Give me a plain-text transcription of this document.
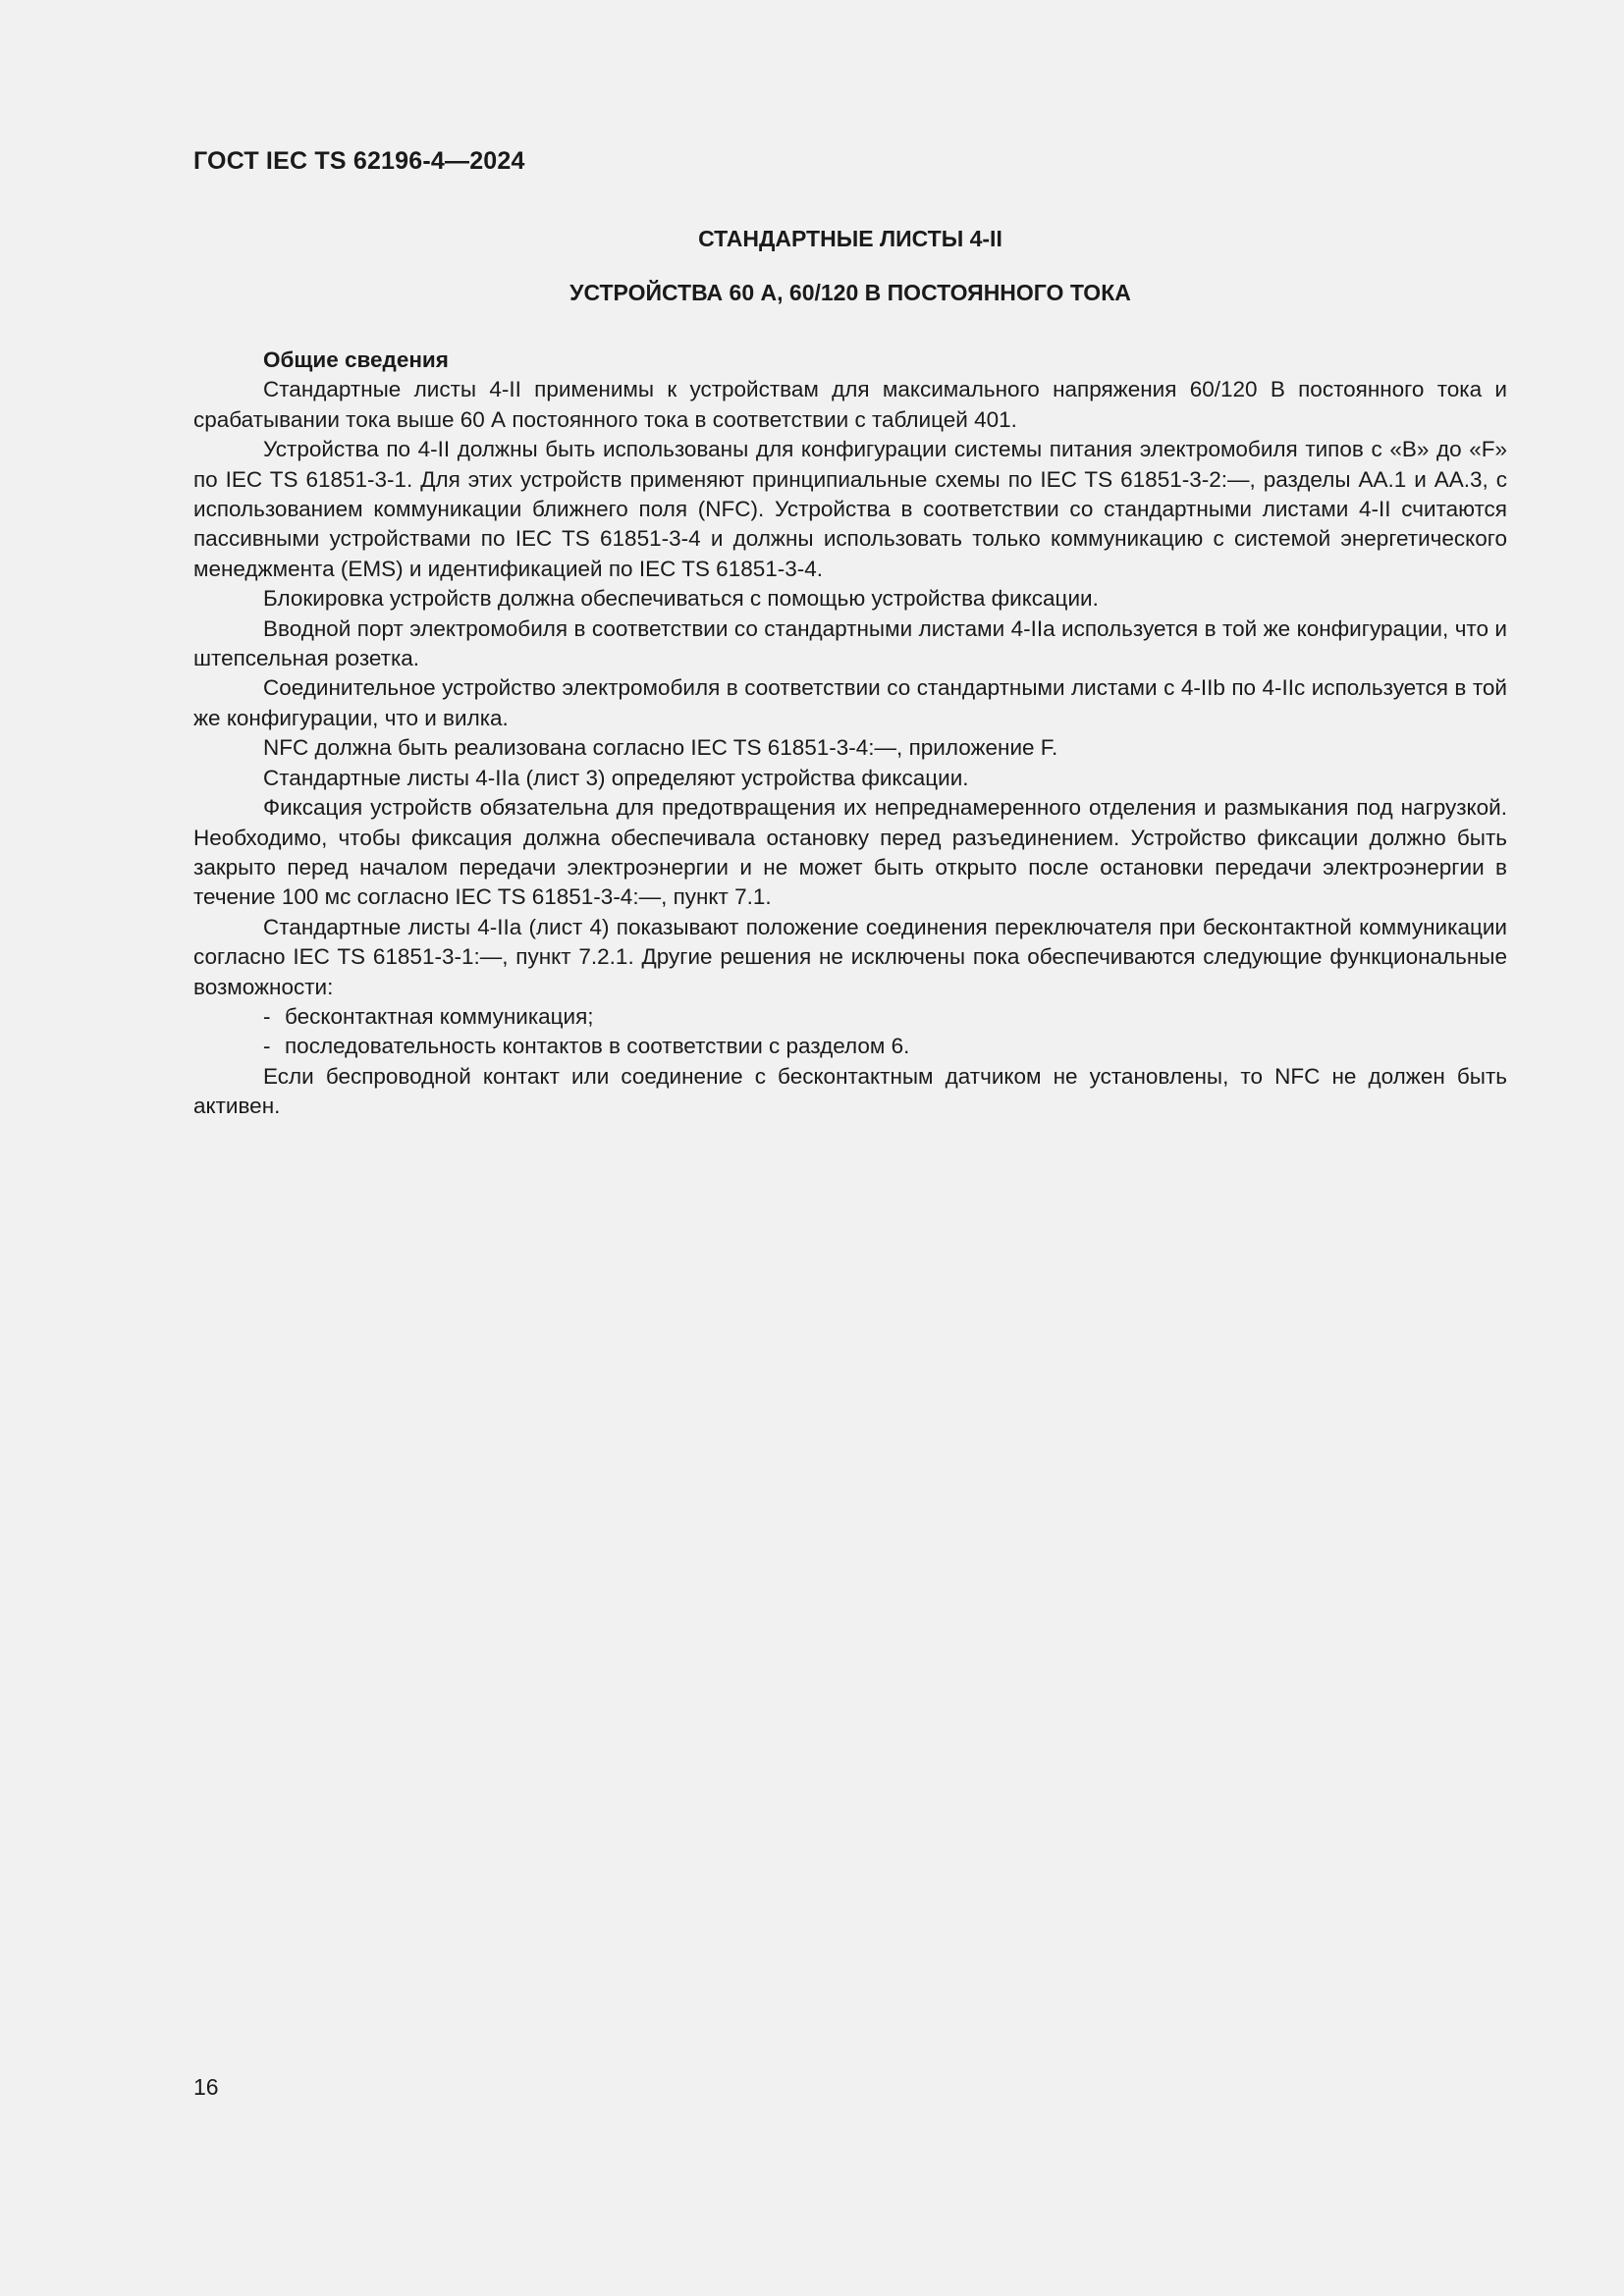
ГОСТ IEC TS 62196-4—2024
СТАНДАРТНЫЕ ЛИСТЫ 4-II
УСТРОЙСТВА 60 А, 60/120 В ПОСТОЯННОГО ТОКА

Общие сведения

Стандартные листы 4-II применимы к устройствам для максимального напряжения 60/120 В постоянного тока и срабатывании тока выше 60 А постоянного тока в соответствии с таблицей 401.

Устройства по 4-II должны быть использованы для конфигурации системы питания электромобиля типов с «B» до «F» по IEC TS 61851-3-1. Для этих устройств применяют принципиальные схемы по IEC TS 61851-3-2:—, разделы АА.1 и АА.3, с использованием коммуникации ближнего поля (NFC). Устройства в соответствии со стандартными листами 4-II считаются пассивными устройствами по IEC TS 61851-3-4 и должны использовать только коммуникацию с системой энергетического менеджмента (EMS) и идентификацией по IEC TS 61851-3-4.

Блокировка устройств должна обеспечиваться с помощью устройства фиксации.

Вводной порт электромобиля в соответствии со стандартными листами 4-IIa используется в той же конфигурации, что и штепсельная розетка.

Соединительное устройство электромобиля в соответствии со стандартными листами с 4-IIb по 4-IIc используется в той же конфигурации, что и вилка.

NFC должна быть реализована согласно IEC TS 61851-3-4:—, приложение F.

Стандартные листы 4-IIa (лист 3) определяют устройства фиксации.

Фиксация устройств обязательна для предотвращения их непреднамеренного отделения и размыкания под нагрузкой. Необходимо, чтобы фиксация должна обеспечивала остановку перед разъединением. Устройство фиксации должно быть закрыто перед началом передачи электроэнергии и не может быть открыто после остановки передачи электроэнергии в течение 100 мс согласно IEC TS 61851-3-4:—, пункт 7.1.

Стандартные листы 4-IIa (лист 4) показывают положение соединения переключателя при бесконтактной коммуникации согласно IEC TS 61851-3-1:—, пункт 7.2.1. Другие решения не исключены пока обеспечиваются следующие функциональные возможности:

- бесконтактная коммуникация;

- последовательность контактов в соответствии с разделом 6.

Если беспроводной контакт или соединение с бесконтактным датчиком не установлены, то NFC не должен быть активен.

16
